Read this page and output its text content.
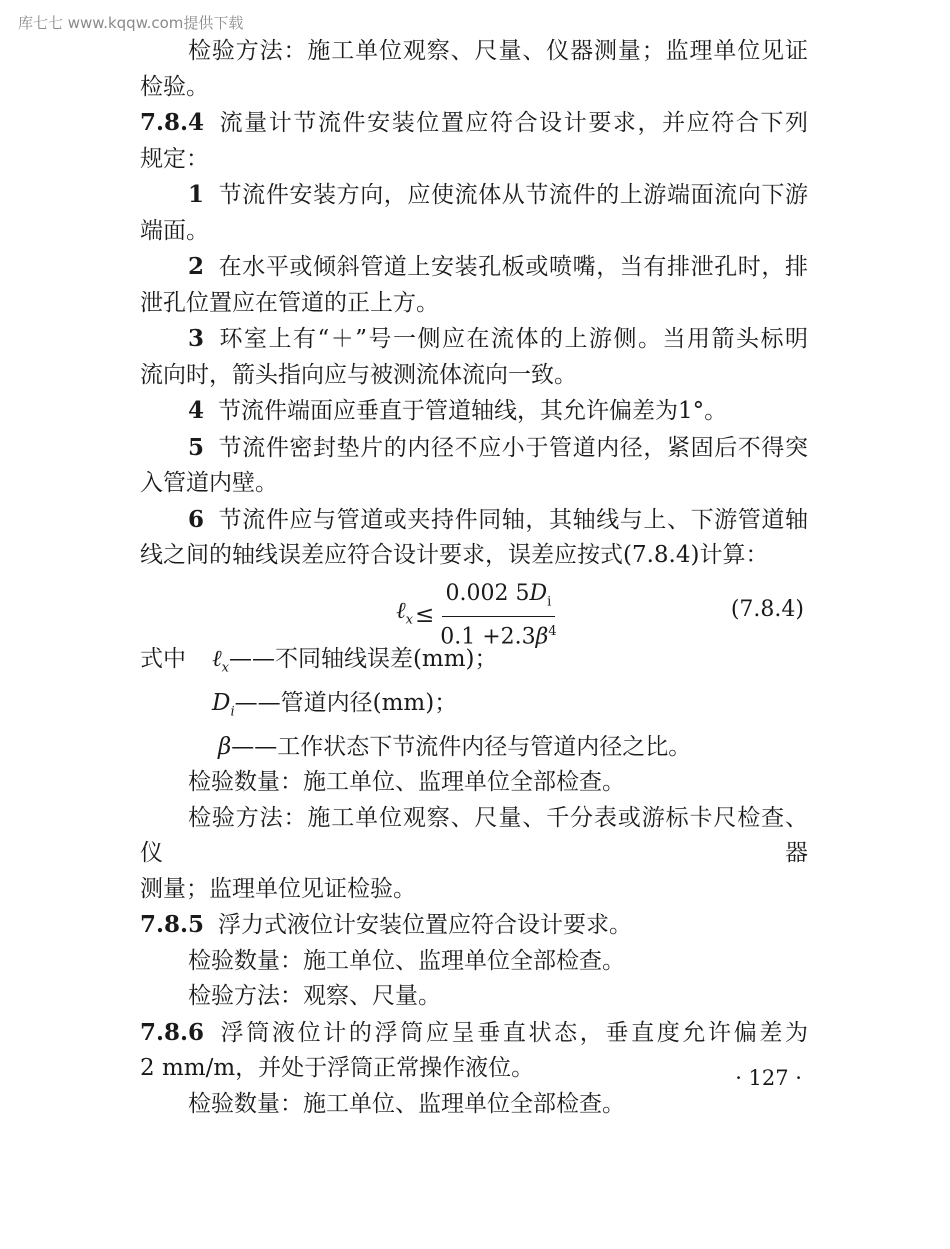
库七七 www.kqqw.com提供下载

检验方法：施工单位观察、尺量、仪器测量；监理单位见证

检验。

7.8.4 流量计节流件安装位置应符合设计要求，并应符合下列

规定：

1 节流件安装方向，应使流体从节流件的上游端面流向下游

端面。

2 在水平或倾斜管道上安装孔板或喷嘴，当有排泄孔时，排

泄孔位置应在管道的正上方。

3 环室上有“＋”号一侧应在流体的上游侧。当用箭头标明

流向时，箭头指向应与被测流体流向一致。

4 节流件端面应垂直于管道轴线，其允许偏差为1°。

5 节流件密封垫片的内径不应小于管道内径，紧固后不得突

入管道内壁。

6 节流件应与管道或夹持件同轴，其轴线与上、下游管道轴

线之间的轴线误差应符合设计要求，误差应按式(7.8.4)计算：

ℓ$_x$ ≤ $\frac{0.002 5D_i}{0.1 +2.3\beta^4}$	(7.8.4)

式中 ℓ$_x$——不同轴线误差(mm)；

$D_i——$管道内径(mm)；

β——工作状态下节流件内径与管道内径之比。

检验数量：施工单位、监理单位全部检查。

检验方法：施工单位观察、尺量、千分表或游标卡尺检查、仪器

测量；监理单位见证检验。

7.8.5 浮力式液位计安装位置应符合设计要求。

检验数量：施工单位、监理单位全部检查。

检验方法：观察、尺量。

7.8.6 浮筒液位计的浮筒应呈垂直状态，垂直度允许偏差为

2 mm/m，并处于浮筒正常操作液位。

检验数量：施工单位、监理单位全部检查。

· 127 ·
